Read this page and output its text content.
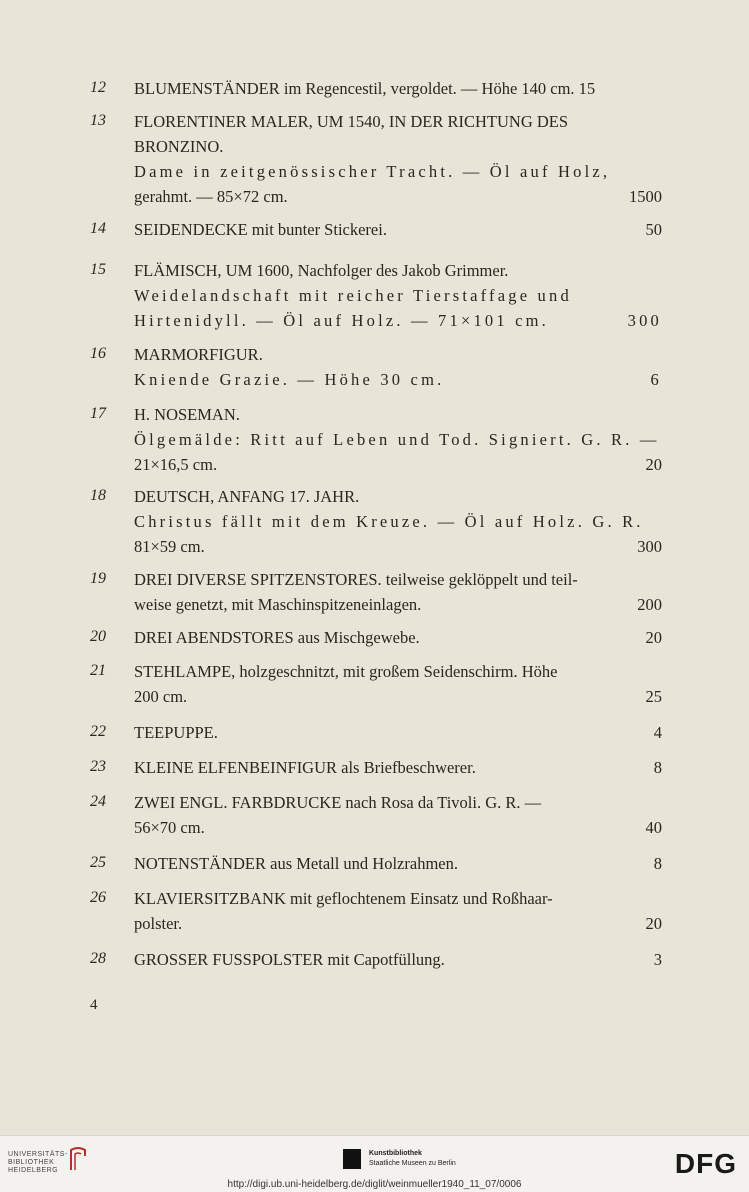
4
UNIVERSITÄTS-
BIBLIOTHEK
HEIDELBERG
Kunstbibliothek
Staatliche Museen zu Berlin	DFG
http://digi.ub.uni-heidelberg.de/diglit/weinmueller1940_11_07/0006
12	BLUMENSTÄNDER im Regencestil, vergoldet. — Höhe 140 cm. 15
13	FLORENTINER MALER, UM 1540, IN DER RICHTUNG DES
BRONZINO.
Dame in zeitgenössischer Tracht. — Öl auf Holz,
gerahmt. — 85×72 cm.	1500
14	SEIDENDECKE mit bunter Stickerei.	50
15	FLÄMISCH, UM 1600, Nachfolger des Jakob Grimmer.
Weidelandschaft mit reicher Tierstaffage und
Hirtenidyll. — Öl auf Holz. — 71×101 cm.	300
16	MARMORFIGUR.
Kniende Grazie. — Höhe 30 cm.	6
17	H. NOSEMAN.
Ölgemälde: Ritt auf Leben und Tod. Signiert. G. R. —
21×16,5 cm.	20
18	DEUTSCH, ANFANG 17. JAHR.
Christus fällt mit dem Kreuze. — Öl auf Holz. G. R.
81×59 cm.	300
19	DREI DIVERSE SPITZENSTORES. teilweise geklöppelt und teil-
weise genetzt, mit Maschinspitzeneinlagen.	200
20	DREI ABENDSTORES aus Mischgewebe.	20
21	STEHLAMPE, holzgeschnitzt, mit großem Seidenschirm. Höhe
200 cm.	25
22	TEEPUPPE.	4
23	KLEINE ELFENBEINFIGUR als Briefbeschwerer.	8
24	ZWEI ENGL. FARBDRUCKE nach Rosa da Tivoli. G. R. —
56×70 cm.	40
25	NOTENSTÄNDER aus Metall und Holzrahmen.	8
26	KLAVIERSITZBANK mit geflochtenem Einsatz und Roßhaar-
polster.	20
28	GROSSER FUSSPOLSTER mit Capotfüllung.	3
